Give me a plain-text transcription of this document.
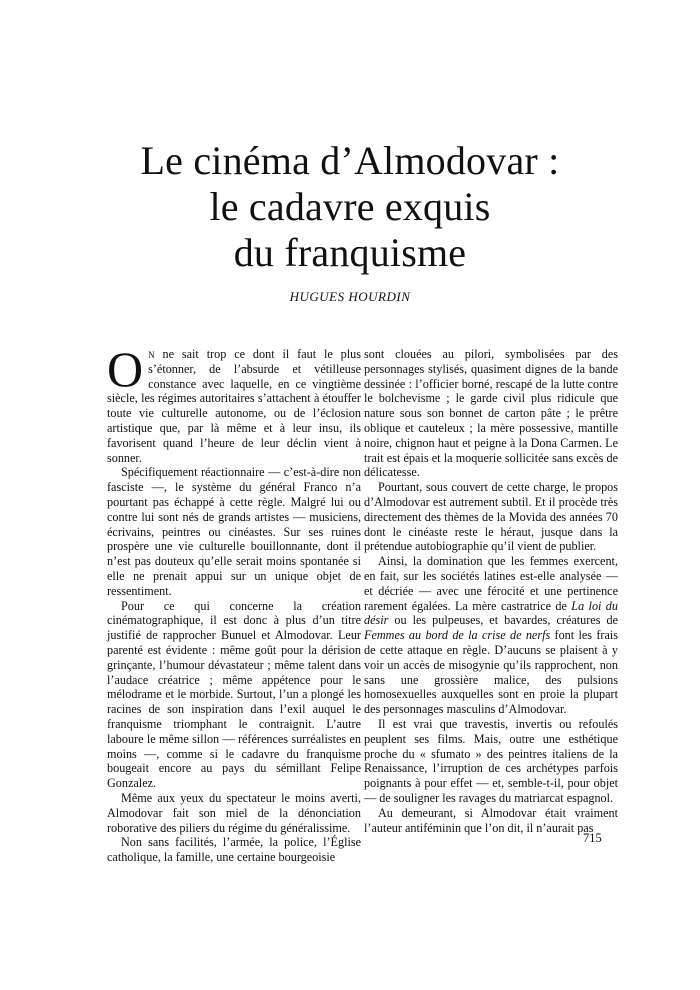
Le cinéma d’Almodovar :
le cadavre exquis
du franquisme
HUGUES HOURDIN

On ne sait trop ce dont il faut le plus s’étonner, de l’absurde et vétilleuse constance avec laquelle, en ce vingtième siècle, les régimes autoritaires s’attachent à étouffer toute vie culturelle autonome, ou de l’éclosion artistique que, par là même et à leur insu, ils favorisent quand l’heure de leur déclin vient à sonner.

Spécifiquement réactionnaire — c’est-à-dire non fasciste —, le système du général Franco n’a pourtant pas échappé à cette règle. Malgré lui ou contre lui sont nés de grands artistes — musiciens, écrivains, peintres ou cinéastes. Sur ses ruines prospère une vie culturelle bouillonnante, dont il n’est pas douteux qu’elle serait moins spontanée si elle ne prenait appui sur un unique objet de ressentiment.

Pour ce qui concerne la création cinématographique, il est donc à plus d’un titre justifié de rapprocher Bunuel et Almodovar. Leur parenté est évidente : même goût pour la dérision grinçante, l’humour dévastateur ; même talent dans l’audace créatrice ; même appétence pour le mélodrame et le morbide. Surtout, l’un a plongé les racines de son inspiration dans l’exil auquel le franquisme triomphant le contraignit. L’autre laboure le même sillon — références surréalistes en moins —, comme si le cadavre du franquisme bougeait encore au pays du sémillant Felipe Gonzalez.

Même aux yeux du spectateur le moins averti, Almodovar fait son miel de la dénonciation roborative des piliers du régime du généralissime.

Non sans facilités, l’armée, la police, l’Église catholique, la famille, une certaine bourgeoisie

sont clouées au pilori, symbolisées par des personnages stylisés, quasiment dignes de la bande dessinée : l’officier borné, rescapé de la lutte contre le bolchevisme ; le garde civil plus ridicule que nature sous son bonnet de carton pâte ; le prêtre oblique et cauteleux ; la mère possessive, mantille noire, chignon haut et peigne à la Dona Carmen. Le trait est épais et la moquerie sollicitée sans excès de délicatesse.

Pourtant, sous couvert de cette charge, le propos d’Almodovar est autrement subtil. Et il procède très directement des thèmes de la Movida des années 70 dont le cinéaste reste le héraut, jusque dans la prétendue autobiographie qu’il vient de publier.

Ainsi, la domination que les femmes exercent, en fait, sur les sociétés latines est-elle analysée — et décriée — avec une férocité et une pertinence rarement égalées. La mère castratrice de La loi du désir ou les pulpeuses, et bavardes, créatures de Femmes au bord de la crise de nerfs font les frais de cette attaque en règle. D’aucuns se plaisent à y voir un accès de misogynie qu’ils rapprochent, non sans une grossière malice, des pulsions homosexuelles auxquelles sont en proie la plupart des personnages masculins d’Almodovar.

Il est vrai que travestis, invertis ou refoulés peuplent ses films. Mais, outre une esthétique proche du « sfumato » des peintres italiens de la Renaissance, l’irruption de ces archétypes parfois poignants à pour effet — et, semble-t-il, pour objet — de souligner les ravages du matriarcat espagnol.

Au demeurant, si Almodovar était vraiment l’auteur antiféminin que l’on dit, il n’aurait pas

715
